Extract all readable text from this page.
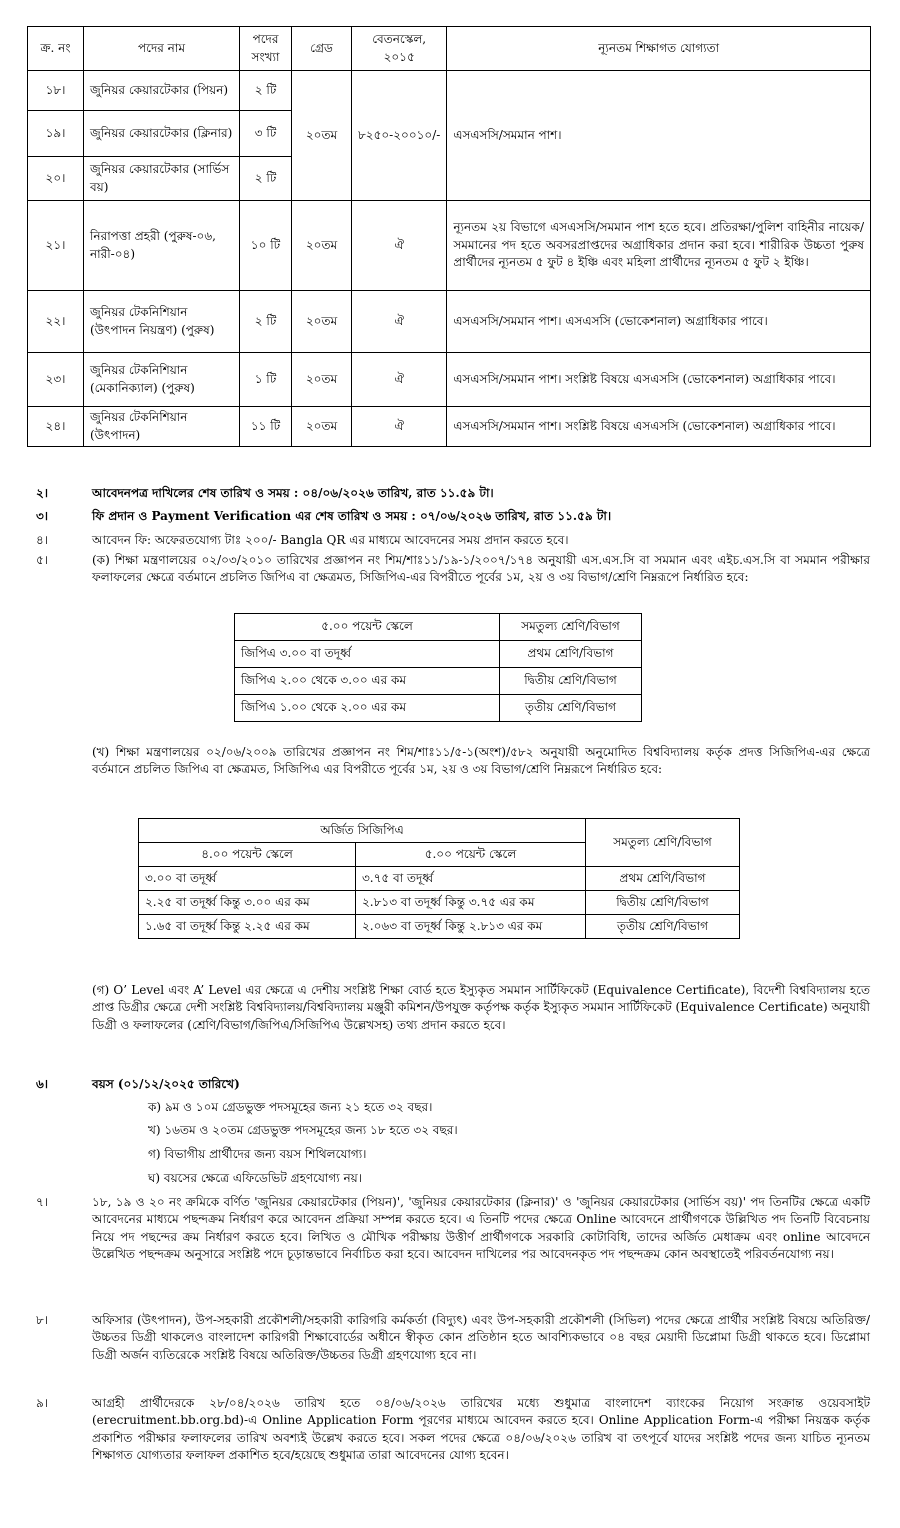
ক্র. নং	পদের নাম	পদের সংখ্যা	গ্রেড	বেতনস্কেল, ২০১৫	ন্যূনতম শিক্ষাগত যোগ্যতা
১৮।	জুনিয়র কেয়ারটেকার (পিয়ন)	২ টি	২০তম	৮২৫০-২০০১০/-	এসএসসি/সমমান পাশ।
১৯।	জুনিয়র কেয়ারটেকার (ক্লিনার)	৩ টি			
২০।	জুনিয়র কেয়ারটেকার (সার্ভিস বয়)	২ টি			
২১।	নিরাপত্তা প্রহরী (পুরুষ-০৬, নারী-০৪)	১০ টি	২০তম	ঐ	ন্যূনতম ২য় বিভাগে এসএসসি/সমমান পাশ হতে হবে। প্রতিরক্ষা/পুলিশ বাহিনীর নায়েক/সমমানের পদ হতে অবসরপ্রাপ্তদের অগ্রাধিকার প্রদান করা হবে। শারীরিক উচ্চতা পুরুষ প্রার্থীদের ন্যূনতম ৫ ফুট ৪ ইঞ্চি এবং মহিলা প্রার্থীদের ন্যূনতম ৫ ফুট ২ ইঞ্চি।
২২।	জুনিয়র টেকনিশিয়ান (উৎপাদন নিয়ন্ত্রণ) (পুরুষ)	২ টি	২০তম	ঐ	এসএসসি/সমমান পাশ। এসএসসি (ভোকেশনাল) অগ্রাধিকার পাবে।
২৩।	জুনিয়র টেকনিশিয়ান (মেকানিক্যাল) (পুরুষ)	১ টি	২০তম	ঐ	এসএসসি/সমমান পাশ। সংশ্লিষ্ট বিষয়ে এসএসসি (ভোকেশনাল) অগ্রাধিকার পাবে।
২৪।	জুনিয়র টেকনিশিয়ান (উৎপাদন)	১১ টি	২০তম	ঐ	এসএসসি/সমমান পাশ। সংশ্লিষ্ট বিষয়ে এসএসসি (ভোকেশনাল) অগ্রাধিকার পাবে।
২।	আবেদনপত্র দাখিলের শেষ তারিখ ও সময় : ০৪/০৬/২০২৬ তারিখ, রাত ১১.৫৯ টা।
৩।	ফি প্রদান ও Payment Verification এর শেষ তারিখ ও সময় : ০৭/০৬/২০২৬ তারিখ, রাত ১১.৫৯ টা।
৪।	আবেদন ফি: অফেরতযোগ্য টাঃ ২০০/- Bangla QR এর মাধ্যমে আবেদনের সময় প্রদান করতে হবে।
৫।	(ক) শিক্ষা মন্ত্রণালয়ের ০২/০৩/২০১০ তারিখের প্রজ্ঞাপন নং শিম/শাঃ১১/১৯-১/২০০৭/১৭৪ অনুযায়ী এস.এস.সি বা সমমান এবং এইচ.এস.সি বা সমমান পরীক্ষার ফলাফলের ক্ষেত্রে বর্তমানে প্রচলিত জিপিএ বা ক্ষেত্রমত, সিজিপিএ-এর বিপরীতে পূর্বের ১ম, ২য় ও ৩য় বিভাগ/শ্রেণি নিম্নরূপে নির্ধারিত হবে:
৫.০০ পয়েন্ট স্কেলে	সমতুল্য শ্রেণি/বিভাগ
জিপিএ ৩.০০ বা তদূর্ধ্ব	প্রথম শ্রেণি/বিভাগ
জিপিএ ২.০০ থেকে ৩.০০ এর কম	দ্বিতীয় শ্রেণি/বিভাগ
জিপিএ ১.০০ থেকে ২.০০ এর কম	তৃতীয় শ্রেণি/বিভাগ
(খ) শিক্ষা মন্ত্রণালয়ের ০২/০৬/২০০৯ তারিখের প্রজ্ঞাপন নং শিম/শাঃ১১/৫-১(অংশ)/৫৮২ অনুযায়ী অনুমোদিত বিশ্ববিদ্যালয় কর্তৃক প্রদত্ত সিজিপিএ-এর ক্ষেত্রে বর্তমানে প্রচলিত জিপিএ বা ক্ষেত্রমত, সিজিপিএ এর বিপরীতে পূর্বের ১ম, ২য় ও ৩য় বিভাগ/শ্রেণি নিম্নরূপে নির্ধারিত হবে:
অর্জিত সিজিপিএ		সমতুল্য শ্রেণি/বিভাগ
৪.০০ পয়েন্ট স্কেলে	৫.০০ পয়েন্ট স্কেলে	
৩.০০ বা তদূর্ধ্ব	৩.৭৫ বা তদূর্ধ্ব	প্রথম শ্রেণি/বিভাগ
২.২৫ বা তদূর্ধ্ব কিন্তু ৩.০০ এর কম	২.৮১৩ বা তদূর্ধ্ব কিন্তু ৩.৭৫ এর কম	দ্বিতীয় শ্রেণি/বিভাগ
১.৬৫ বা তদূর্ধ্ব কিন্তু ২.২৫ এর কম	২.০৬৩ বা তদূর্ধ্ব কিন্তু ২.৮১৩ এর কম	তৃতীয় শ্রেণি/বিভাগ
(গ) O’ Level এবং A’ Level এর ক্ষেত্রে এ দেশীয় সংশ্লিষ্ট শিক্ষা বোর্ড হতে ইস্যুকৃত সমমান সার্টিফিকেট (Equivalence Certificate), বিদেশী বিশ্ববিদ্যালয় হতে প্রাপ্ত ডিগ্রীর ক্ষেত্রে দেশী সংশ্লিষ্ট বিশ্ববিদ্যালয়/বিশ্ববিদ্যালয় মঞ্জুরী কমিশন/উপযুক্ত কর্তৃপক্ষ কর্তৃক ইস্যুকৃত সমমান সার্টিফিকেট (Equivalence Certificate) অনুযায়ী ডিগ্রী ও ফলাফলের (শ্রেণি/বিভাগ/জিপিএ/সিজিপিএ উল্লেখসহ) তথ্য প্রদান করতে হবে।
৬।	বয়স (০১/১২/২০২৫ তারিখে)
ক) ৯ম ও ১০ম গ্রেডভুক্ত পদসমূহের জন্য ২১ হতে ৩২ বছর।
খ) ১৬তম ও ২০তম গ্রেডভুক্ত পদসমূহের জন্য ১৮ হতে ৩২ বছর।
গ) বিভাগীয় প্রার্থীদের জন্য বয়স শিথিলযোগ্য।
ঘ) বয়সের ক্ষেত্রে এফিডেভিট গ্রহণযোগ্য নয়।
৭।	১৮, ১৯ ও ২০ নং ক্রমিকে বর্ণিত 'জুনিয়র কেয়ারটেকার (পিয়ন)', 'জুনিয়র কেয়ারটেকার (ক্লিনার)' ও 'জুনিয়র কেয়ারটেকার (সার্ভিস বয়)' পদ তিনটির ক্ষেত্রে একটি আবেদনের মাধ্যমে পছন্দক্রম নির্ধারণ করে আবেদন প্রক্রিয়া সম্পন্ন করতে হবে। এ তিনটি পদের ক্ষেত্রে Online আবেদনে প্রার্থীগণকে উল্লিখিত পদ তিনটি বিবেচনায় নিয়ে পদ পছন্দের ক্রম নির্ধারণ করতে হবে। লিখিত ও মৌখিক পরীক্ষায় উত্তীর্ণ প্রার্থীগণকে সরকারি কোটাবিধি, তাদের অর্জিত মেধাক্রম এবং online আবেদনে উল্লেখিত পছন্দক্রম অনুসারে সংশ্লিষ্ট পদে চূড়ান্তভাবে নির্বাচিত করা হবে। আবেদন দাখিলের পর আবেদনকৃত পদ পছন্দক্রম কোন অবস্থাতেই পরিবর্তনযোগ্য নয়।
৮।	অফিসার (উৎপাদন), উপ-সহকারী প্রকৌশলী/সহকারী কারিগরি কর্মকর্তা (বিদ্যুৎ) এবং উপ-সহকারী প্রকৌশলী (সিভিল) পদের ক্ষেত্রে প্রার্থীর সংশ্লিষ্ট বিষয়ে অতিরিক্ত/উচ্চতর ডিগ্রী থাকলেও বাংলাদেশ কারিগরী শিক্ষাবোর্ডের অধীনে স্বীকৃত কোন প্রতিষ্ঠান হতে আবশ্যিকভাবে ০৪ বছর মেয়াদী ডিপ্লোমা ডিগ্রী থাকতে হবে। ডিপ্লোমা ডিগ্রী অর্জন ব্যতিরেকে সংশ্লিষ্ট বিষয়ে অতিরিক্ত/উচ্চতর ডিগ্রী গ্রহণযোগ্য হবে না।
৯।	আগ্রহী প্রার্থীদেরকে ২৮/০৪/২০২৬ তারিখ হতে ০৪/০৬/২০২৬ তারিখের মধ্যে শুধুমাত্র বাংলাদেশ ব্যাংকের নিয়োগ সংক্রান্ত ওয়েবসাইট (erecruitment.bb.org.bd)-এ Online Application Form পূরণের মাধ্যমে আবেদন করতে হবে। Online Application Form-এ পরীক্ষা নিয়ন্ত্রক কর্তৃক প্রকাশিত পরীক্ষার ফলাফলের তারিখ অবশ্যই উল্লেখ করতে হবে। সকল পদের ক্ষেত্রে ০৪/০৬/২০২৬ তারিখ বা তৎপূর্বে যাদের সংশ্লিষ্ট পদের জন্য যাচিত ন্যূনতম শিক্ষাগত যোগ্যতার ফলাফল প্রকাশিত হবে/হয়েছে শুধুমাত্র তারা আবেদনের যোগ্য হবেন।
